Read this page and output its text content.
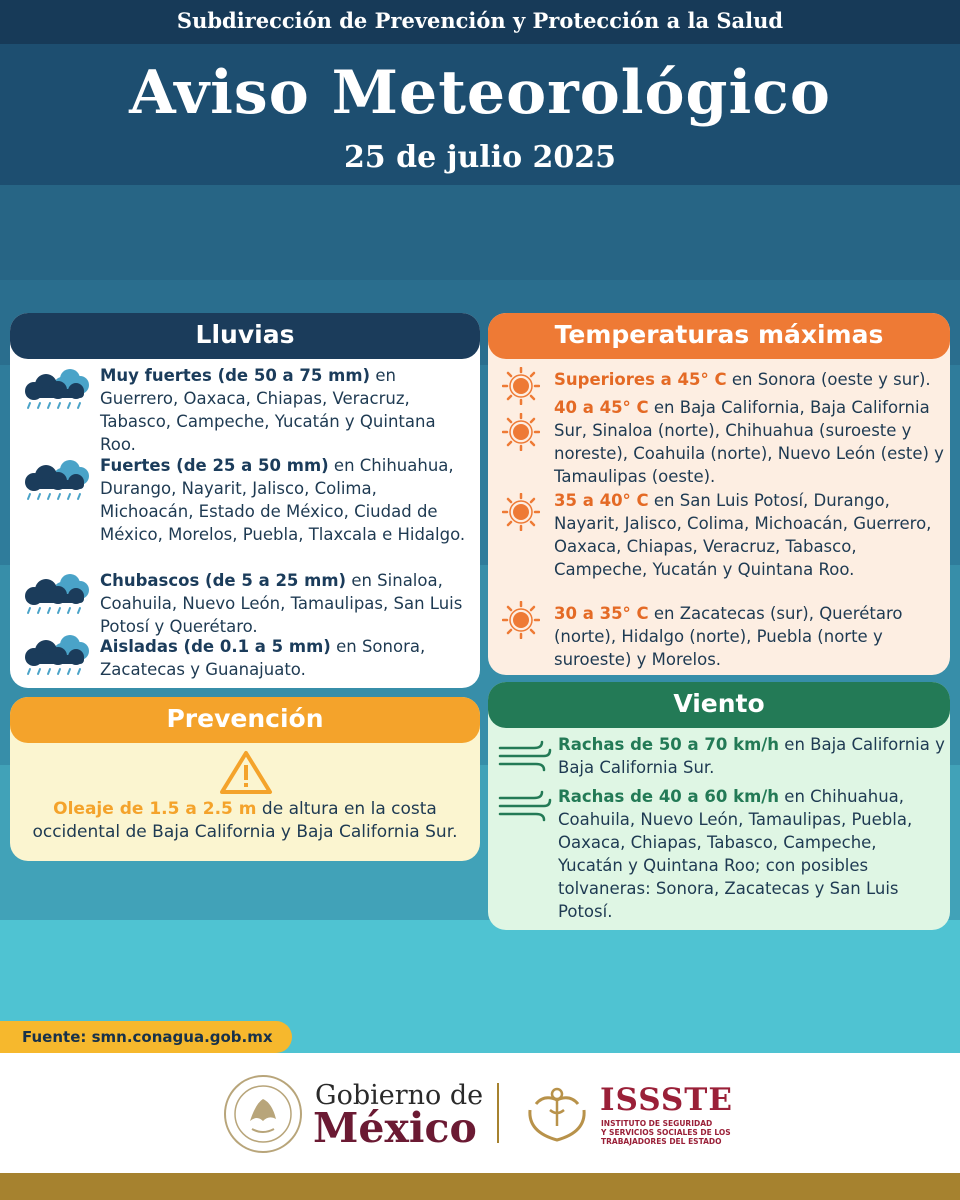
Subdirección de Prevención y Protección a la Salud
Aviso Meteorológico
25 de julio 2025
Lluvias
Muy fuertes (de 50 a 75 mm) en Guerrero, Oaxaca, Chiapas, Veracruz, Tabasco, Campeche, Yucatán y Quintana Roo.
Fuertes (de 25 a 50 mm) en Chihuahua, Durango, Nayarit, Jalisco, Colima, Michoacán, Estado de México, Ciudad de México, Morelos, Puebla, Tlaxcala e Hidalgo.
Chubascos (de 5 a 25 mm) en Sinaloa, Coahuila, Nuevo León, Tamaulipas, San Luis Potosí y Querétaro.
Aisladas (de 0.1 a 5 mm) en Sonora, Zacatecas y Guanajuato.
Prevención
Oleaje de 1.5 a 2.5 m de altura en la costa occidental de Baja California y Baja California Sur.
Temperaturas máximas
Superiores a 45° C en Sonora (oeste y sur).
40 a 45° C en Baja California, Baja California Sur, Sinaloa (norte), Chihuahua (suroeste y noreste), Coahuila (norte), Nuevo León (este) y Tamaulipas (oeste).
35 a 40° C en San Luis Potosí, Durango, Nayarit, Jalisco, Colima, Michoacán, Guerrero, Oaxaca, Chiapas, Veracruz, Tabasco, Campeche, Yucatán y Quintana Roo.
30 a 35° C en Zacatecas (sur), Querétaro (norte), Hidalgo (norte), Puebla (norte y suroeste) y Morelos.
Viento
Rachas de 50 a 70 km/h en Baja California y Baja California Sur.
Rachas de 40 a 60 km/h en Chihuahua, Coahuila, Nuevo León, Tamaulipas, Puebla, Oaxaca, Chiapas, Tabasco, Campeche, Yucatán y Quintana Roo; con posibles tolvaneras: Sonora, Zacatecas y San Luis Potosí.
Fuente: smn.conagua.gob.mx
Gobierno de
México
ISSSTE
INSTITUTO DE SEGURIDAD
Y SERVICIOS SOCIALES DE LOS
TRABAJADORES DEL ESTADO
